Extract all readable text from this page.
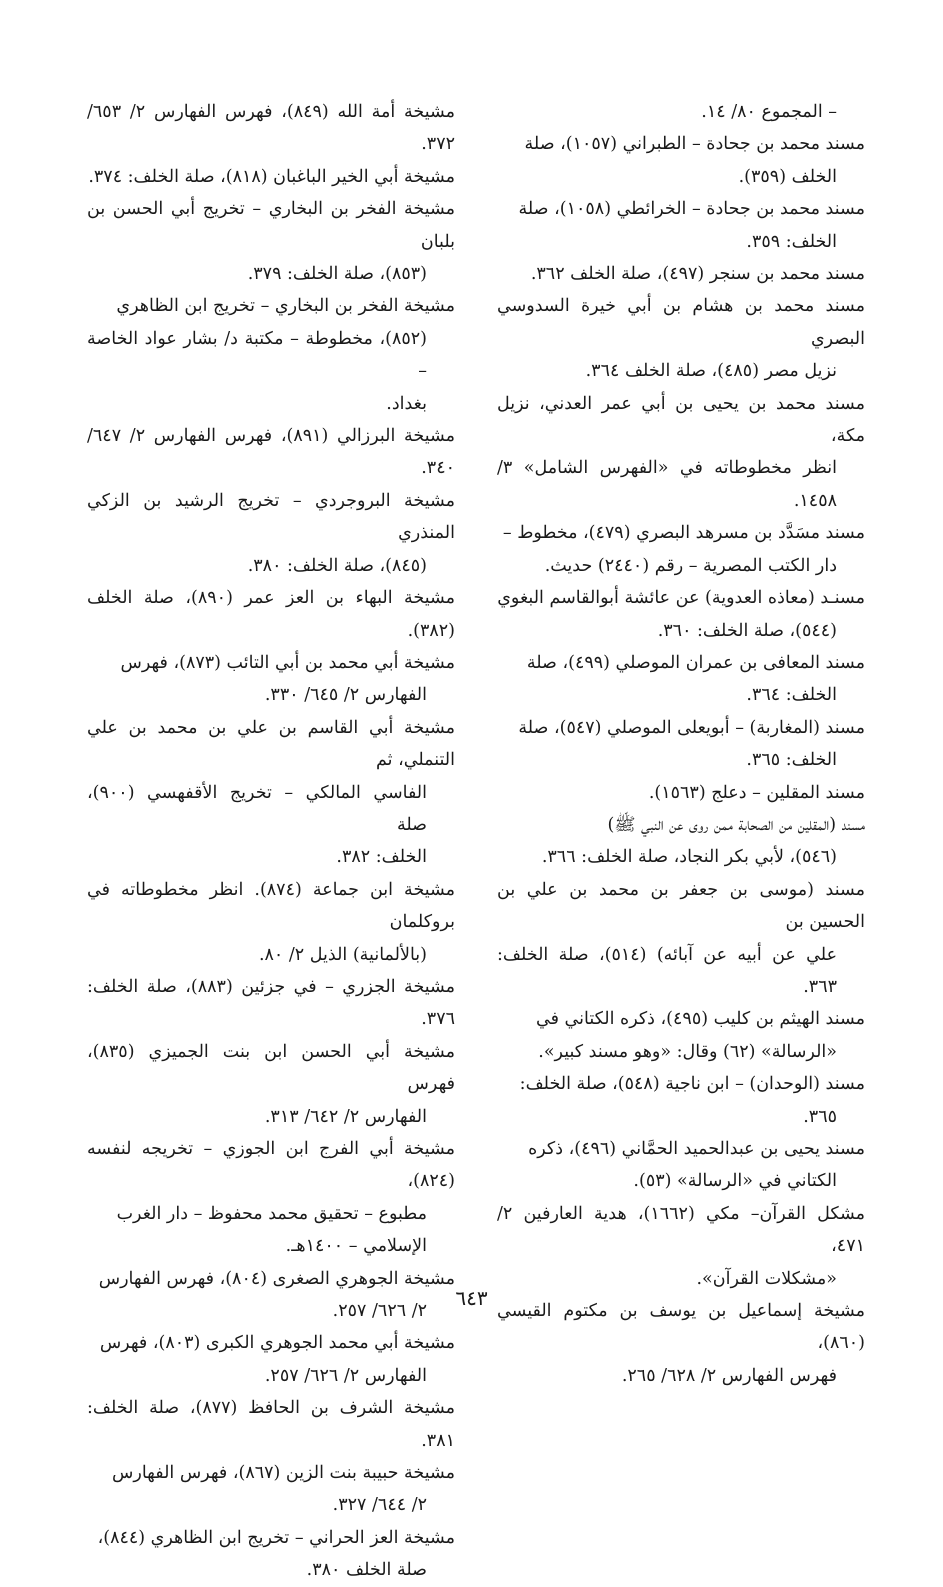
– المجموع ٨٠/ ١٤.
مسند محمد بن جحادة – الطبراني (١٠٥٧)، صلة
الخلف (٣٥٩).
مسند محمد بن جحادة – الخرائطي (١٠٥٨)، صلة
الخلف: ٣٥٩.
مسند محمد بن سنجر (٤٩٧)، صلة الخلف ٣٦٢.
مسند محمد بن هشام بن أبي خيرة السدوسي البصري
نزيل مصر (٤٨٥)، صلة الخلف ٣٦٤.
مسند محمد بن يحيى بن أبي عمر العدني، نزيل مكة،
انظر مخطوطاته في «الفهرس الشامل» ٣/ ١٤٥٨.
مسند مسَدَّد بن مسرهد البصري (٤٧٩)، مخطوط –
دار الكتب المصرية – رقم (٢٤٤٠) حديث.
مسنـد (معاذه العدوية) عن عائشة أبوالقاسم البغوي
(٥٤٤)، صلة الخلف: ٣٦٠.
مسند المعافى بن عمران الموصلي (٤٩٩)، صلة
الخلف: ٣٦٤.
مسند (المغاربة) – أبويعلى الموصلي (٥٤٧)، صلة
الخلف: ٣٦٥.
مسند المقلين – دعلج (١٥٦٣).
مسند (المقلين من الصحابة ممن روى عن النبي ﷺ)
(٥٤٦)، لأبي بكر النجاد، صلة الخلف: ٣٦٦.
مسند (موسى بن جعفر بن محمد بن علي بن الحسين بن
علي عن أبيه عن آبائه) (٥١٤)، صلة الخلف: ٣٦٣.
مسند الهيثم بن كليب (٤٩٥)، ذكره الكتاني في
«الرسالة» (٦٢) وقال: «وهو مسند كبير».
مسند (الوحدان) – ابن ناجية (٥٤٨)، صلة الخلف:
٣٦٥.
مسند يحيى بن عبدالحميد الحمَّاني (٤٩٦)، ذكره
الكتاني في «الرسالة» (٥٣).
مشكل القرآن– مكي (١٦٦٢)، هدية العارفين ٢/ ٤٧١،
«مشكلات القرآن».
مشيخة إسماعيل بن يوسف بن مكتوم القيسي (٨٦٠)،
فهرس الفهارس ٢/ ٦٢٨/ ٢٦٥.
مشيخة أمة الله (٨٤٩)، فهرس الفهارس ٢/ ٦٥٣/ ٣٧٢.
مشيخة أبي الخير الباغبان (٨١٨)، صلة الخلف: ٣٧٤.
مشيخة الفخر بن البخاري – تخريج أبي الحسن بن بلبان
(٨٥٣)، صلة الخلف: ٣٧٩.
مشيخة الفخر بن البخاري – تخريج ابن الظاهري
(٨٥٢)، مخطوطة – مكتبة د/ بشار عواد الخاصة –
بغداد.
مشيخة البرزالي (٨٩١)، فهرس الفهارس ٢/ ٦٤٧/ ٣٤٠.
مشيخة البروجردي – تخريج الرشيد بن الزكي المنذري
(٨٤٥)، صلة الخلف: ٣٨٠.
مشيخة البهاء بن العز عمر (٨٩٠)، صلة الخلف (٣٨٢).
مشيخة أبي محمد بن أبي التائب (٨٧٣)، فهرس
الفهارس ٢/ ٦٤٥/ ٣٣٠.
مشيخة أبي القاسم بن علي بن محمد بن علي التنملي، ثم
الفاسي المالكي – تخريج الأقفهسي (٩٠٠)، صلة
الخلف: ٣٨٢.
مشيخة ابن جماعة (٨٧٤). انظر مخطوطاته في بروكلمان
(بالألمانية) الذيل ٢/ ٨٠.
مشيخة الجزري – في جزئين (٨٨٣)، صلة الخلف: ٣٧٦.
مشيخة أبي الحسن ابن بنت الجميزي (٨٣٥)، فهرس
الفهارس ٢/ ٦٤٢/ ٣١٣.
مشيخة أبي الفرج ابن الجوزي – تخريجه لنفسه (٨٢٤)،
مطبوع – تحقيق محمد محفوظ – دار الغرب
الإسلامي – ١٤٠٠هـ.
مشيخة الجوهري الصغرى (٨٠٤)، فهرس الفهارس
٢/ ٦٢٦/ ٢٥٧.
مشيخة أبي محمد الجوهري الكبرى (٨٠٣)، فهرس
الفهارس ٢/ ٦٢٦/ ٢٥٧.
مشيخة الشرف بن الحافظ (٨٧٧)، صلة الخلف: ٣٨١.
مشيخة حبيبة بنت الزين (٨٦٧)، فهرس الفهارس
٢/ ٦٤٤/ ٣٢٧.
مشيخة العز الحراني – تخريج ابن الظاهري (٨٤٤)،
صلة الخلف ٣٨٠.
٦٤٣
